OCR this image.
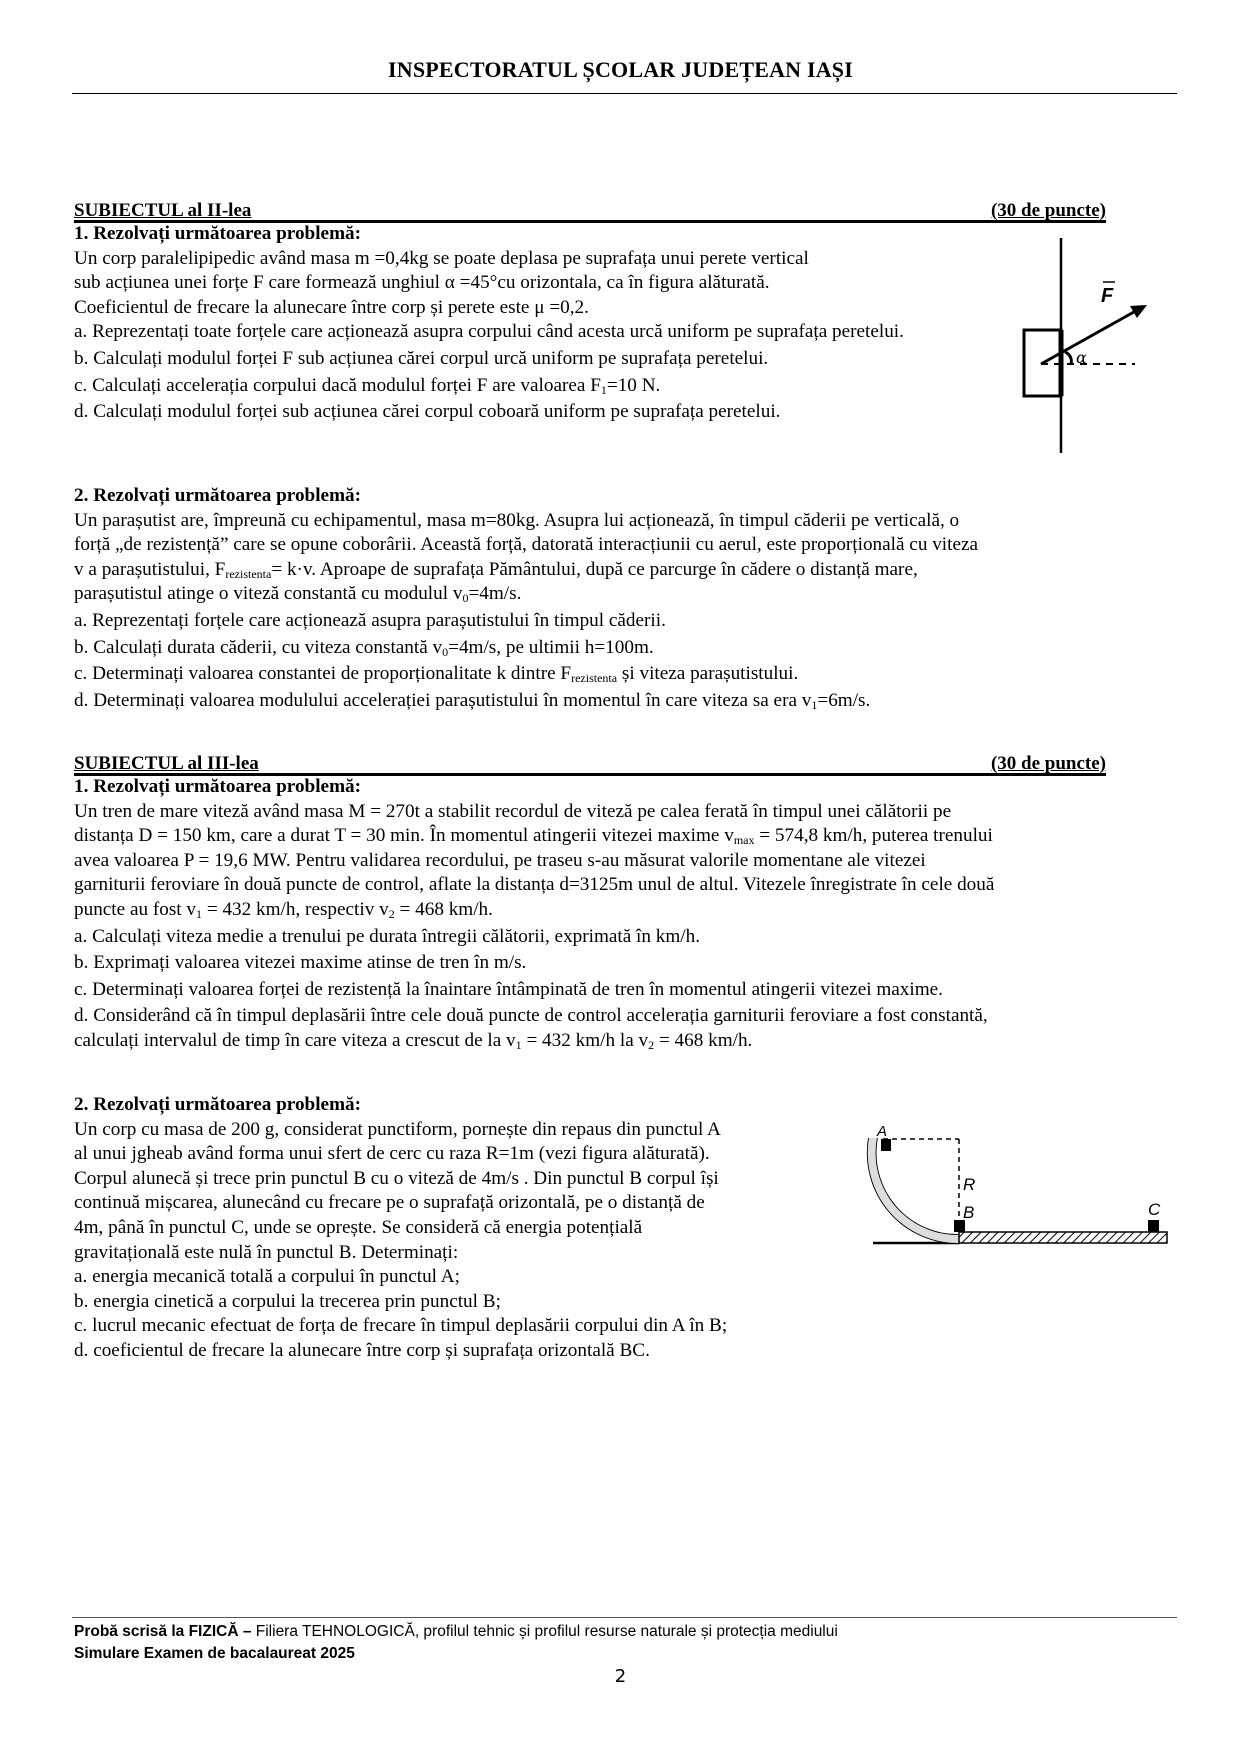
INSPECTORATUL ȘCOLAR JUDEȚEAN IAȘI
SUBIECTUL al II-lea	(30 de puncte)

1. Rezolvați următoarea problemă:

Un corp paralelipipedic având masa m =0,4kg se poate deplasa pe suprafața unui perete vertical

sub acțiunea unei forțe F care formează unghiul α =45°cu orizontala, ca în figura alăturată.

Coeficientul de frecare la alunecare între corp și perete este μ =0,2.

a. Reprezentați toate forțele care acționează asupra corpului când acesta urcă uniform pe suprafața peretelui.

b. Calculați modulul forței F sub acțiunea cărei corpul urcă uniform pe suprafața peretelui.

c. Calculați accelerația corpului dacă modulul forței F are valoarea $F_1=10$ N.

d. Calculați modulul forței sub acțiunea cărei corpul coboară uniform pe suprafața peretelui.

F
α

2. Rezolvați următoarea problemă:

Un parașutist are, împreună cu echipamentul, masa m=80kg. Asupra lui acționează, în timpul căderii pe verticală, o

forță „de rezistență” care se opune coborârii. Această forță, datorată interacțiunii cu aerul, este proporțională cu viteza

v a parașutistului, $F_{rezistenta}= k\cdot v$. Aproape de suprafața Pământului, după ce parcurge în cădere o distanță mare,

parașutistul atinge o viteză constantă cu modulul $v_0=4m/s$.

a. Reprezentați forțele care acționează asupra parașutistului în timpul căderii.

b. Calculați durata căderii, cu viteza constantă $v_0=4m/s$, pe ultimii h=100m.

c. Determinați valoarea constantei de proporționalitate k dintre $F_{rezistenta}$ și viteza parașutistului.

d. Determinați valoarea modulului accelerației parașutistului în momentul în care viteza sa era $v_1=6m/s$.

SUBIECTUL al III-lea	(30 de puncte)

1. Rezolvați următoarea problemă:

Un tren de mare viteză având masa M = 270t a stabilit recordul de viteză pe calea ferată în timpul unei călătorii pe

distanța D = 150 km, care a durat T = 30 min. În momentul atingerii vitezei maxime $v_{max} = 574,8$ km/h, puterea trenului

avea valoarea P = 19,6 MW. Pentru validarea recordului, pe traseu s-au măsurat valorile momentane ale vitezei

garniturii feroviare în două puncte de control, aflate la distanța d=3125m unul de altul. Vitezele înregistrate în cele două

puncte au fost $v_1 = 432$ km/h, respectiv $v_2 = 468$ km/h.

a. Calculați viteza medie a trenului pe durata întregii călătorii, exprimată în km/h.

b. Exprimați valoarea vitezei maxime atinse de tren în m/s.

c. Determinați valoarea forței de rezistență la înaintare întâmpinată de tren în momentul atingerii vitezei maxime.

d. Considerând că în timpul deplasării între cele două puncte de control accelerația garniturii feroviare a fost constantă,

calculați intervalul de timp în care viteza a crescut de la $v_1 = 432$ km/h la $v_2 = 468$ km/h.

2. Rezolvați următoarea problemă:

Un corp cu masa de 200 g, considerat punctiform, pornește din repaus din punctul A

al unui jgheab având forma unui sfert de cerc cu raza R=1m (vezi figura alăturată).

Corpul alunecă și trece prin punctul B cu o viteză de 4m/s . Din punctul B corpul își

continuă mișcarea, alunecând cu frecare pe o suprafață orizontală, pe o distanță de

4m, până în punctul C, unde se oprește. Se consideră că energia potențială

gravitațională este nulă în punctul B. Determinați:

a. energia mecanică totală a corpului în punctul A;

b. energia cinetică a corpului la trecerea prin punctul B;

c. lucrul mecanic efectuat de forța de frecare în timpul deplasării corpului din A în B;

d. coeficientul de frecare la alunecare între corp și suprafața orizontală BC.

A
R
B	C
Probă scrisă la FIZICĂ – Filiera TEHNOLOGICĂ, profilul tehnic și profilul resurse naturale și protecția mediului
Simulare Examen de bacalaureat 2025
2
